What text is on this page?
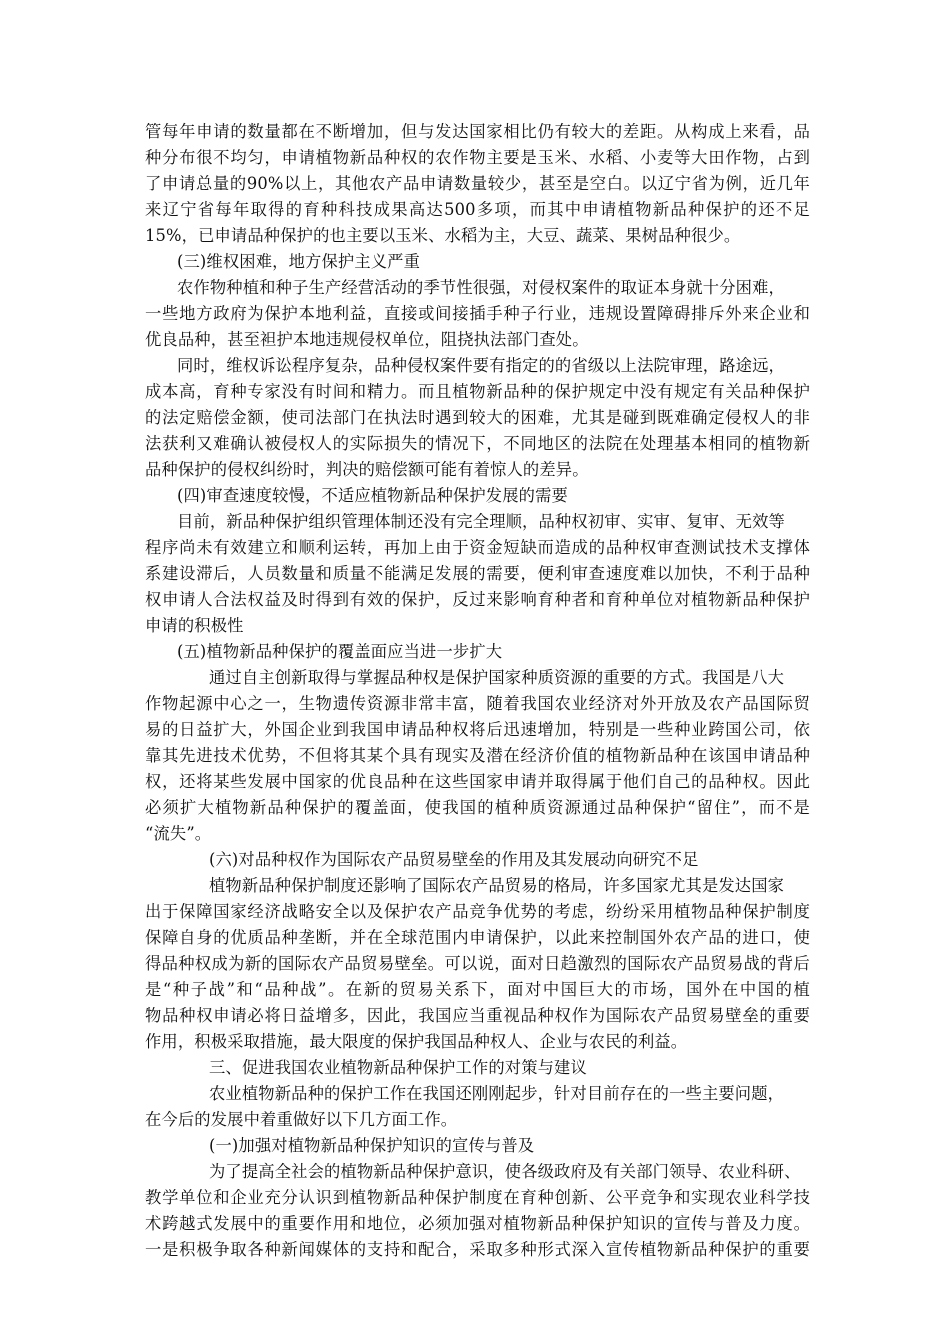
管每年申请的数量都在不断增加，但与发达国家相比仍有较大的差距。从构成上来看，品
种分布很不均匀，申请植物新品种权的农作物主要是玉米、水稻、小麦等大田作物，占到
了申请总量的90%以上，其他农产品申请数量较少，甚至是空白。以辽宁省为例，近几年
来辽宁省每年取得的育种科技成果高达500多项，而其中申请植物新品种保护的还不足
15%，已申请品种保护的也主要以玉米、水稻为主，大豆、蔬菜、果树品种很少。
(三)维权困难，地方保护主义严重
农作物种植和种子生产经营活动的季节性很强，对侵权案件的取证本身就十分困难，
一些地方政府为保护本地利益，直接或间接插手种子行业，违规设置障碍排斥外来企业和
优良品种，甚至袒护本地违规侵权单位，阻挠执法部门查处。
同时，维权诉讼程序复杂，品种侵权案件要有指定的的省级以上法院审理，路途远，
成本高，育种专家没有时间和精力。而且植物新品种的保护规定中没有规定有关品种保护
的法定赔偿金额，使司法部门在执法时遇到较大的困难，尤其是碰到既难确定侵权人的非
法获利又难确认被侵权人的实际损失的情况下，不同地区的法院在处理基本相同的植物新
品种保护的侵权纠纷时，判决的赔偿额可能有着惊人的差异。
(四)审查速度较慢，不适应植物新品种保护发展的需要
目前，新品种保护组织管理体制还没有完全理顺，品种权初审、实审、复审、无效等
程序尚未有效建立和顺利运转，再加上由于资金短缺而造成的品种权审查测试技术支撑体
系建设滞后，人员数量和质量不能满足发展的需要，便利审查速度难以加快，不利于品种
权申请人合法权益及时得到有效的保护，反过来影响育种者和育种单位对植物新品种保护
申请的积极性
(五)植物新品种保护的覆盖面应当进一步扩大
通过自主创新取得与掌握品种权是保护国家种质资源的重要的方式。我国是八大
作物起源中心之一，生物遗传资源非常丰富，随着我国农业经济对外开放及农产品国际贸
易的日益扩大，外国企业到我国申请品种权将后迅速增加，特别是一些种业跨国公司，依
靠其先进技术优势，不但将其某个具有现实及潜在经济价值的植物新品种在该国申请品种
权，还将某些发展中国家的优良品种在这些国家申请并取得属于他们自己的品种权。因此
必须扩大植物新品种保护的覆盖面，使我国的植种质资源通过品种保护“留住”，而不是
“流失”。
(六)对品种权作为国际农产品贸易壁垒的作用及其发展动向研究不足
植物新品种保护制度还影响了国际农产品贸易的格局，许多国家尤其是发达国家
出于保障国家经济战略安全以及保护农产品竞争优势的考虑，纷纷采用植物品种保护制度
保障自身的优质品种垄断，并在全球范围内申请保护，以此来控制国外农产品的进口，使
得品种权成为新的国际农产品贸易壁垒。可以说，面对日趋激烈的国际农产品贸易战的背后
是“种子战”和“品种战”。在新的贸易关系下，面对中国巨大的市场，国外在中国的植
物品种权申请必将日益增多，因此，我国应当重视品种权作为国际农产品贸易壁垒的重要
作用，积极采取措施，最大限度的保护我国品种权人、企业与农民的利益。
三、促进我国农业植物新品种保护工作的对策与建议
农业植物新品种的保护工作在我国还刚刚起步，针对目前存在的一些主要问题，
在今后的发展中着重做好以下几方面工作。
(一)加强对植物新品种保护知识的宣传与普及
为了提高全社会的植物新品种保护意识，使各级政府及有关部门领导、农业科研、
教学单位和企业充分认识到植物新品种保护制度在育种创新、公平竞争和实现农业科学技
术跨越式发展中的重要作用和地位，必须加强对植物新品种保护知识的宣传与普及力度。
一是积极争取各种新闻媒体的支持和配合，采取多种形式深入宣传植物新品种保护的重要
